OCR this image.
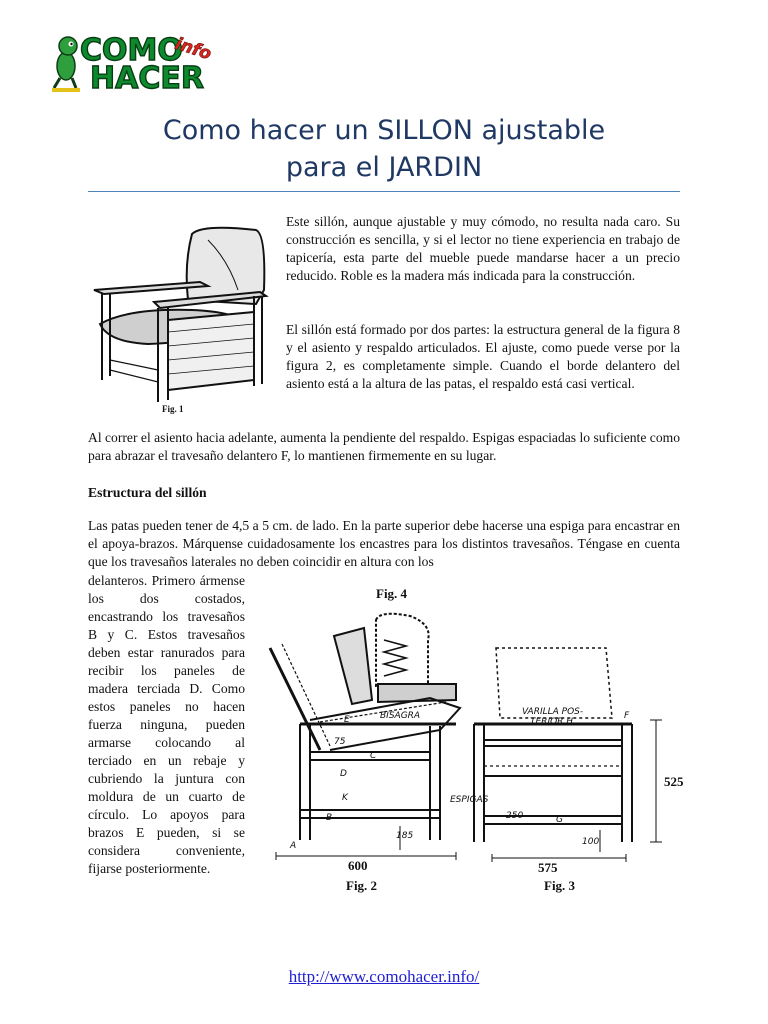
COMO
HACER
info
Como hacer un SILLON ajustable
para el JARDIN
Fig. 1

Este sillón, aunque ajustable y muy cómodo, no resulta nada caro. Su construcción es sencilla, y si el lector no tiene experiencia en trabajo de tapicería, esta parte del mueble puede mandarse hacer a un precio reducido. Roble es la madera más indicada para la construcción.

El sillón está formado por dos partes: la estructura general de la figura 8 y el asiento y respaldo articulados. El ajuste, como puede verse por la figura 2, es completamente simple. Cuando el borde delantero del asiento está a la altura de las patas, el respaldo está casi vertical.

Al correr el asiento hacia adelante, aumenta la pendiente del respaldo. Espigas espaciadas lo suficiente como para abrazar el travesaño delantero F, lo mantienen firmemente en su lugar.

Estructura del sillón

Las patas pueden tener de 4,5 a 5 cm. de lado. En la parte superior debe hacerse una espiga para encastrar en el apoya-brazos. Márquense cuidadosamente los encastres para los distintos travesaños. Téngase en cuenta que los travesaños laterales no deben coincidir en altura con los

delanteros. Primero ármense los dos costados, encastrando los travesaños B y C. Estos travesaños deben estar ranurados para recibir los paneles de madera terciada D. Como estos paneles no hacen fuerza ninguna, pueden armarse colocando al terciado en un rebaje y cubriendo la juntura con moldura de un cuarto de círculo. Lo apoyos para brazos E pueden, si se considera conveniente, fijarse posteriormente.

Fig. 4
Fig. 2	Fig. 3
600	575
525
250
185
100
75
BISAGRA
ESPIGAS
VARILLA POS-
TERIOR H
A
B
C
D
E	F
G
K
http://www.comohacer.info/
